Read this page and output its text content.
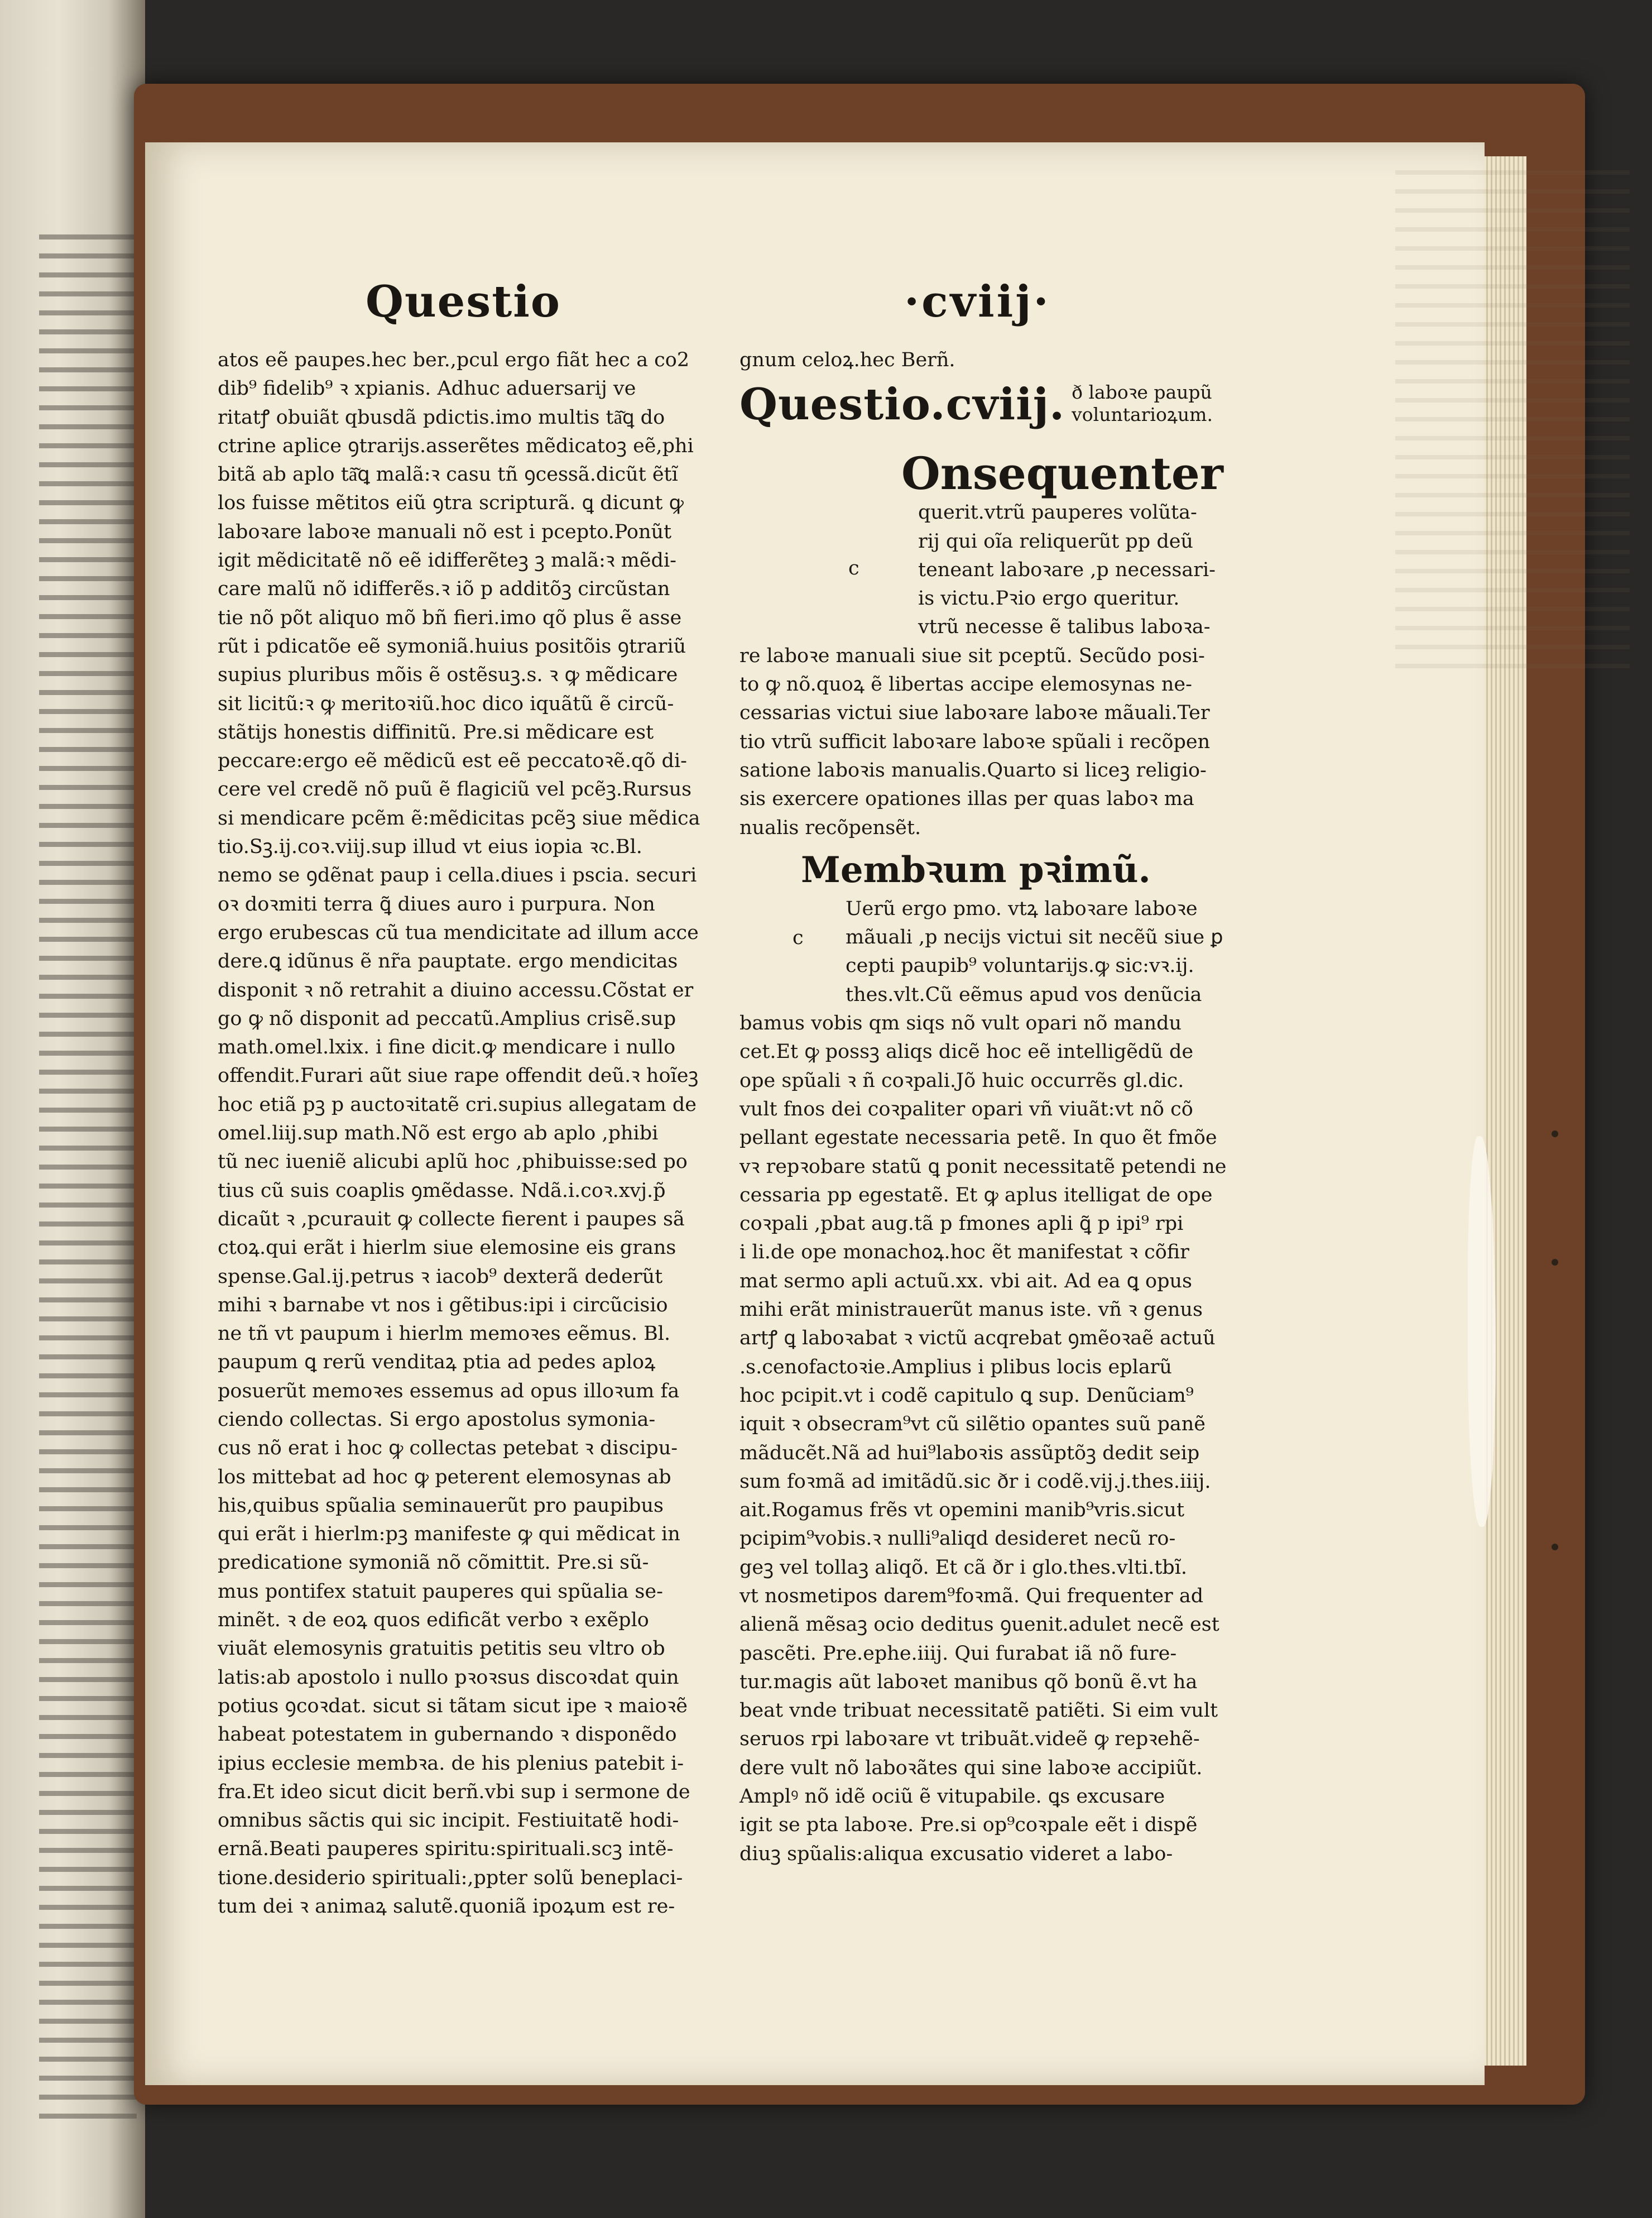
Questio	·cviij·

atos eẽ paupes.hec ber.,pcul ergo fiãt hec a co2

dib⁹ fidelib⁹ ꝛ xpianis. Adhuc aduersarij ve

ritatꝭ obuiãt qbusdã pdictis.imo multis tã͂ꝗ do

ctrine aplice ꝯtrarijs.asserẽtes mẽdicatoꝫ eẽ,phi

bitã ab aplo tã͂ꝗ malã:ꝛ casu tñ ꝯcessã.dicũt ẽtĩ

los fuisse mẽtitos eiũ ꝯtra scripturã. ꝗ dicunt ꝙ

laboꝛare laboꝛe manuali nõ est i pcepto.Ponũt

igit mẽdicitatẽ nõ eẽ idifferẽteꝫ ꝫ malã:ꝛ mẽdi-

care malũ nõ idifferẽs.ꝛ iõ p additõꝫ circũstan

tie nõ põt aliquo mõ bñ fieri.imo qõ plus ẽ asse

rũt i pdicatõe eẽ symoniã.huius positõis ꝯtrariũ

supius pluribus mõis ẽ ostẽsuꝫ.s. ꝛ ꝙ mẽdicare

sit licitũ:ꝛ ꝙ meritoꝛiũ.hoc dico iquãtũ ẽ circũ-

stãtijs honestis diffinitũ. Pre.si mẽdicare est

peccare:ergo eẽ mẽdicũ est eẽ peccatoꝛẽ.qõ di-

cere vel credẽ nõ puũ ẽ flagiciũ vel pcẽꝫ.Rursus

si mendicare pcẽm ẽ:mẽdicitas pcẽꝫ siue mẽdica

tio.Sꝫ.ij.coꝛ.viij.sup illud vt eius iopia ꝛc.Bl.

nemo se ꝯdẽnat paup i cella.diues i pscia. securi

oꝛ doꝛmiti terra ꝗ͂ diues auro i purpura. Non

ergo erubescas cũ tua mendicitate ad illum acce

dere.ꝗ idũnus ẽ nr̃a pauptate. ergo mendicitas

disponit ꝛ nõ retrahit a diuino accessu.Cõstat er

go ꝙ nõ disponit ad peccatũ.Amplius crisẽ.sup

math.omel.lxix. i fine dicit.ꝙ mendicare i nullo

offendit.Furari aũt siue rape offendit deũ.ꝛ hoĩeꝫ

hoc etiã pꝫ p auctoꝛitatẽ cri.supius allegatam de

omel.liij.sup math.Nõ est ergo ab aplo ,phibi

tũ nec iueniẽ alicubi aplũ hoc ,phibuisse:sed po

tius cũ suis coaplis ꝯmẽdasse. Ndã.i.coꝛ.xvj.p̃

dicaũt ꝛ ,pcurauit ꝙ collecte fierent i paupes sã

ctoꝝ.qui erãt i hierlm siue elemosine eis grans

spense.Gal.ij.petrus ꝛ iacob⁹ dexterã dederũt

mihi ꝛ barnabe vt nos i gẽtibus:ipi i circũcisio

ne tñ vt paupum i hierlm memoꝛes eẽmus. Bl.

paupum ꝗ rerũ venditaꝝ ptia ad pedes aploꝝ

posuerũt memoꝛes essemus ad opus illoꝛum fa

ciendo collectas. Si ergo apostolus symonia-

cus nõ erat i hoc ꝙ collectas petebat ꝛ discipu-

los mittebat ad hoc ꝙ peterent elemosynas ab

his,quibus spũalia seminauerũt pro paupibus

qui erãt i hierlm:pꝫ manifeste ꝙ qui mẽdicat in

predicatione symoniã nõ cõmittit. Pre.si sũ-

mus pontifex statuit pauperes qui spũalia se-

minẽt. ꝛ de eoꝝ quos edificãt verbo ꝛ exẽplo

viuãt elemosynis gratuitis petitis seu vltro ob

latis:ab apostolo i nullo pꝛoꝛsus discoꝛdat quin

potius ꝯcoꝛdat. sicut si tãtam sicut ipe ꝛ maioꝛẽ

habeat potestatem in gubernando ꝛ disponẽdo

ipius ecclesie membꝛa. de his plenius patebit i-

fra.Et ideo sicut dicit berñ.vbi sup i sermone de

omnibus sãctis qui sic incipit. Festiuitatẽ hodi-

ernã.Beati pauperes spiritu:spirituali.scꝫ intẽ-

tione.desiderio spirituali:,ppter solũ beneplaci-

tum dei ꝛ animaꝝ salutẽ.quoniã ipoꝝum est re-

gnum celoꝝ.hec Berñ.

Questio.cviij. ð laboꝛe paupũ
voluntarioꝝum.
Onsequenter
c

querit.vtrũ pauperes volũta-

rij qui oĩa reliquerũt pp deũ

teneant laboꝛare ,p necessari-

is victu.Pꝛio ergo queritur.

vtrũ necesse ẽ talibus laboꝛa-

re laboꝛe manuali siue sit pceptũ. Secũdo posi-

to ꝙ nõ.quoꝝ ẽ libertas accipe elemosynas ne-

cessarias victui siue laboꝛare laboꝛe mãuali.Ter

tio vtrũ sufficit laboꝛare laboꝛe spũali i recõpen

satione laboꝛis manualis.Quarto si liceꝫ religio-

sis exercere opationes illas per quas laboꝛ ma

nualis recõpensẽt.

Membꝛum pꝛimũ.
c

Uerũ ergo pmo. vtꝝ laboꝛare laboꝛe

mãuali ,p necijs victui sit necẽũ siue ꝑ

cepti paupib⁹ voluntarijs.ꝙ sic:vꝛ.ij.

thes.vlt.Cũ eẽmus apud vos denũcia

bamus vobis qm siqs nõ vult opari nõ mandu

cet.Et ꝙ possꝫ aliqs dicẽ hoc eẽ intelligẽdũ de

ope spũali ꝛ ñ coꝛpali.Jõ huic occurrẽs gl.dic.

vult fnos dei coꝛpaliter opari vñ viuãt:vt nõ cõ

pellant egestate necessaria petẽ. In quo ẽt fmõe

vꝛ repꝛobare statũ ꝗ ponit necessitatẽ petendi ne

cessaria pp egestatẽ. Et ꝙ aplus itelligat de ope

coꝛpali ,pbat aug.tã p fmones apli ꝗ͂ p ipi⁹ rpi

i li.de ope monachoꝝ.hoc ẽt manifestat ꝛ cõfir

mat sermo apli actuũ.xx. vbi ait. Ad ea ꝗ opus

mihi erãt ministrauerũt manus iste. vñ ꝛ genus

artꝭ ꝗ laboꝛabat ꝛ victũ acqrebat ꝯmẽoꝛaẽ actuũ

.s.cenofactoꝛie.Amplius i plibus locis eplarũ

hoc pcipit.vt i codẽ capitulo ꝗ sup. Denũciam⁹

iquit ꝛ obsecram⁹vt cũ silẽtio opantes suũ panẽ

mãducẽt.Nã ad hui⁹laboꝛis assũptõꝫ dedit seip

sum foꝛmã ad imitãdũ.sic ðr i codẽ.vij.j.thes.iiij.

ait.Rogamus frẽs vt opemini manib⁹vris.sicut

pcipim⁹vobis.ꝛ nulli⁹aliqd desideret necũ ro-

geꝫ vel tollaꝫ aliqõ. Et cã ðr i glo.thes.vlti.tbĩ.

vt nosmetipos darem⁹foꝛmã. Qui frequenter ad

alienã mẽsaꝫ ocio deditus ꝯuenit.adulet necẽ est

pascẽti. Pre.ephe.iiij. Qui furabat iã nõ fure-

tur.magis aũt laboꝛet manibus qõ bonũ ẽ.vt ha

beat vnde tribuat necessitatẽ patiẽti. Si eim vult

seruos rpi laboꝛare vt tribuãt.videẽ ꝙ repꝛehẽ-

dere vult nõ laboꝛãtes qui sine laboꝛe accipiũt.

Amplꝰ nõ idẽ ociũ ẽ vitupabile. ꝗs excusare

igit se pta laboꝛe. Pre.si op⁹coꝛpale eẽt i dispẽ

diuꝫ spũalis:aliqua excusatio videret a labo-
